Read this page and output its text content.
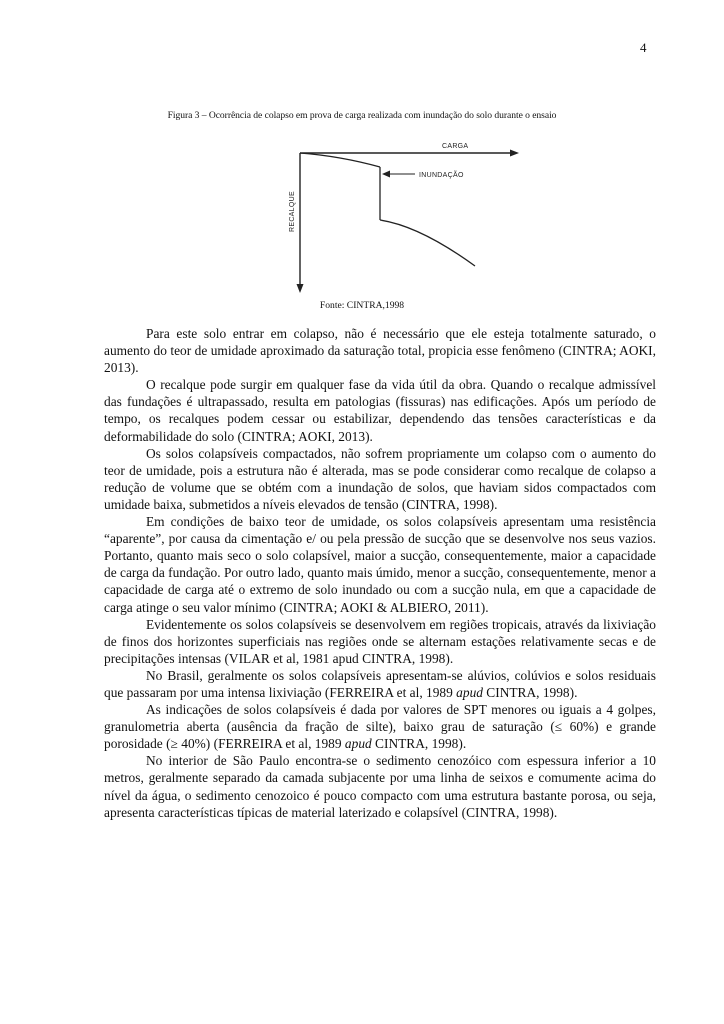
4
Figura 3 – Ocorrência de colapso em prova de carga realizada com inundação do solo durante o ensaio
CARGA
INUNDAÇÃO
RECALQUE
Fonte: CINTRA,1998

Para este solo entrar em colapso, não é necessário que ele esteja totalmente saturado, o aumento do teor de umidade aproximado da saturação total, propicia esse fenômeno (CINTRA; AOKI, 2013).

O recalque pode surgir em qualquer fase da vida útil da obra. Quando o recalque admissível das fundações é ultrapassado, resulta em patologias (fissuras) nas edificações. Após um período de tempo, os recalques podem cessar ou estabilizar, dependendo das tensões características e da deformabilidade do solo (CINTRA; AOKI, 2013).

Os solos colapsíveis compactados, não sofrem propriamente um colapso com o aumento do teor de umidade, pois a estrutura não é alterada, mas se pode considerar como recalque de colapso a redução de volume que se obtém com a inundação de solos, que haviam sidos compactados com umidade baixa, submetidos a níveis elevados de tensão (CINTRA, 1998).

Em condições de baixo teor de umidade, os solos colapsíveis apresentam uma resistência “aparente”, por causa da cimentação e/ ou pela pressão de sucção que se desenvolve nos seus vazios. Portanto, quanto mais seco o solo colapsível, maior a sucção, consequentemente, maior a capacidade de carga da fundação. Por outro lado, quanto mais úmido, menor a sucção, consequentemente, menor a capacidade de carga até o extremo de solo inundado ou com a sucção nula, em que a capacidade de carga atinge o seu valor mínimo (CINTRA; AOKI & ALBIERO, 2011).

Evidentemente os solos colapsíveis se desenvolvem em regiões tropicais, através da lixiviação de finos dos horizontes superficiais nas regiões onde se alternam estações relativamente secas e de precipitações intensas (VILAR et al, 1981 apud CINTRA, 1998).

No Brasil, geralmente os solos colapsíveis apresentam-se alúvios, colúvios e solos residuais que passaram por uma intensa lixiviação (FERREIRA et al, 1989 apud CINTRA, 1998).

As indicações de solos colapsíveis é dada por valores de SPT menores ou iguais a 4 golpes, granulometria aberta (ausência da fração de silte), baixo grau de saturação (≤ 60%) e grande porosidade (≥ 40%) (FERREIRA et al, 1989 apud CINTRA, 1998).

No interior de São Paulo encontra-se o sedimento cenozóico com espessura inferior a 10 metros, geralmente separado da camada subjacente por uma linha de seixos e comumente acima do nível da água, o sedimento cenozoico é pouco compacto com uma estrutura bastante porosa, ou seja, apresenta características típicas de material laterizado e colapsível (CINTRA, 1998).
